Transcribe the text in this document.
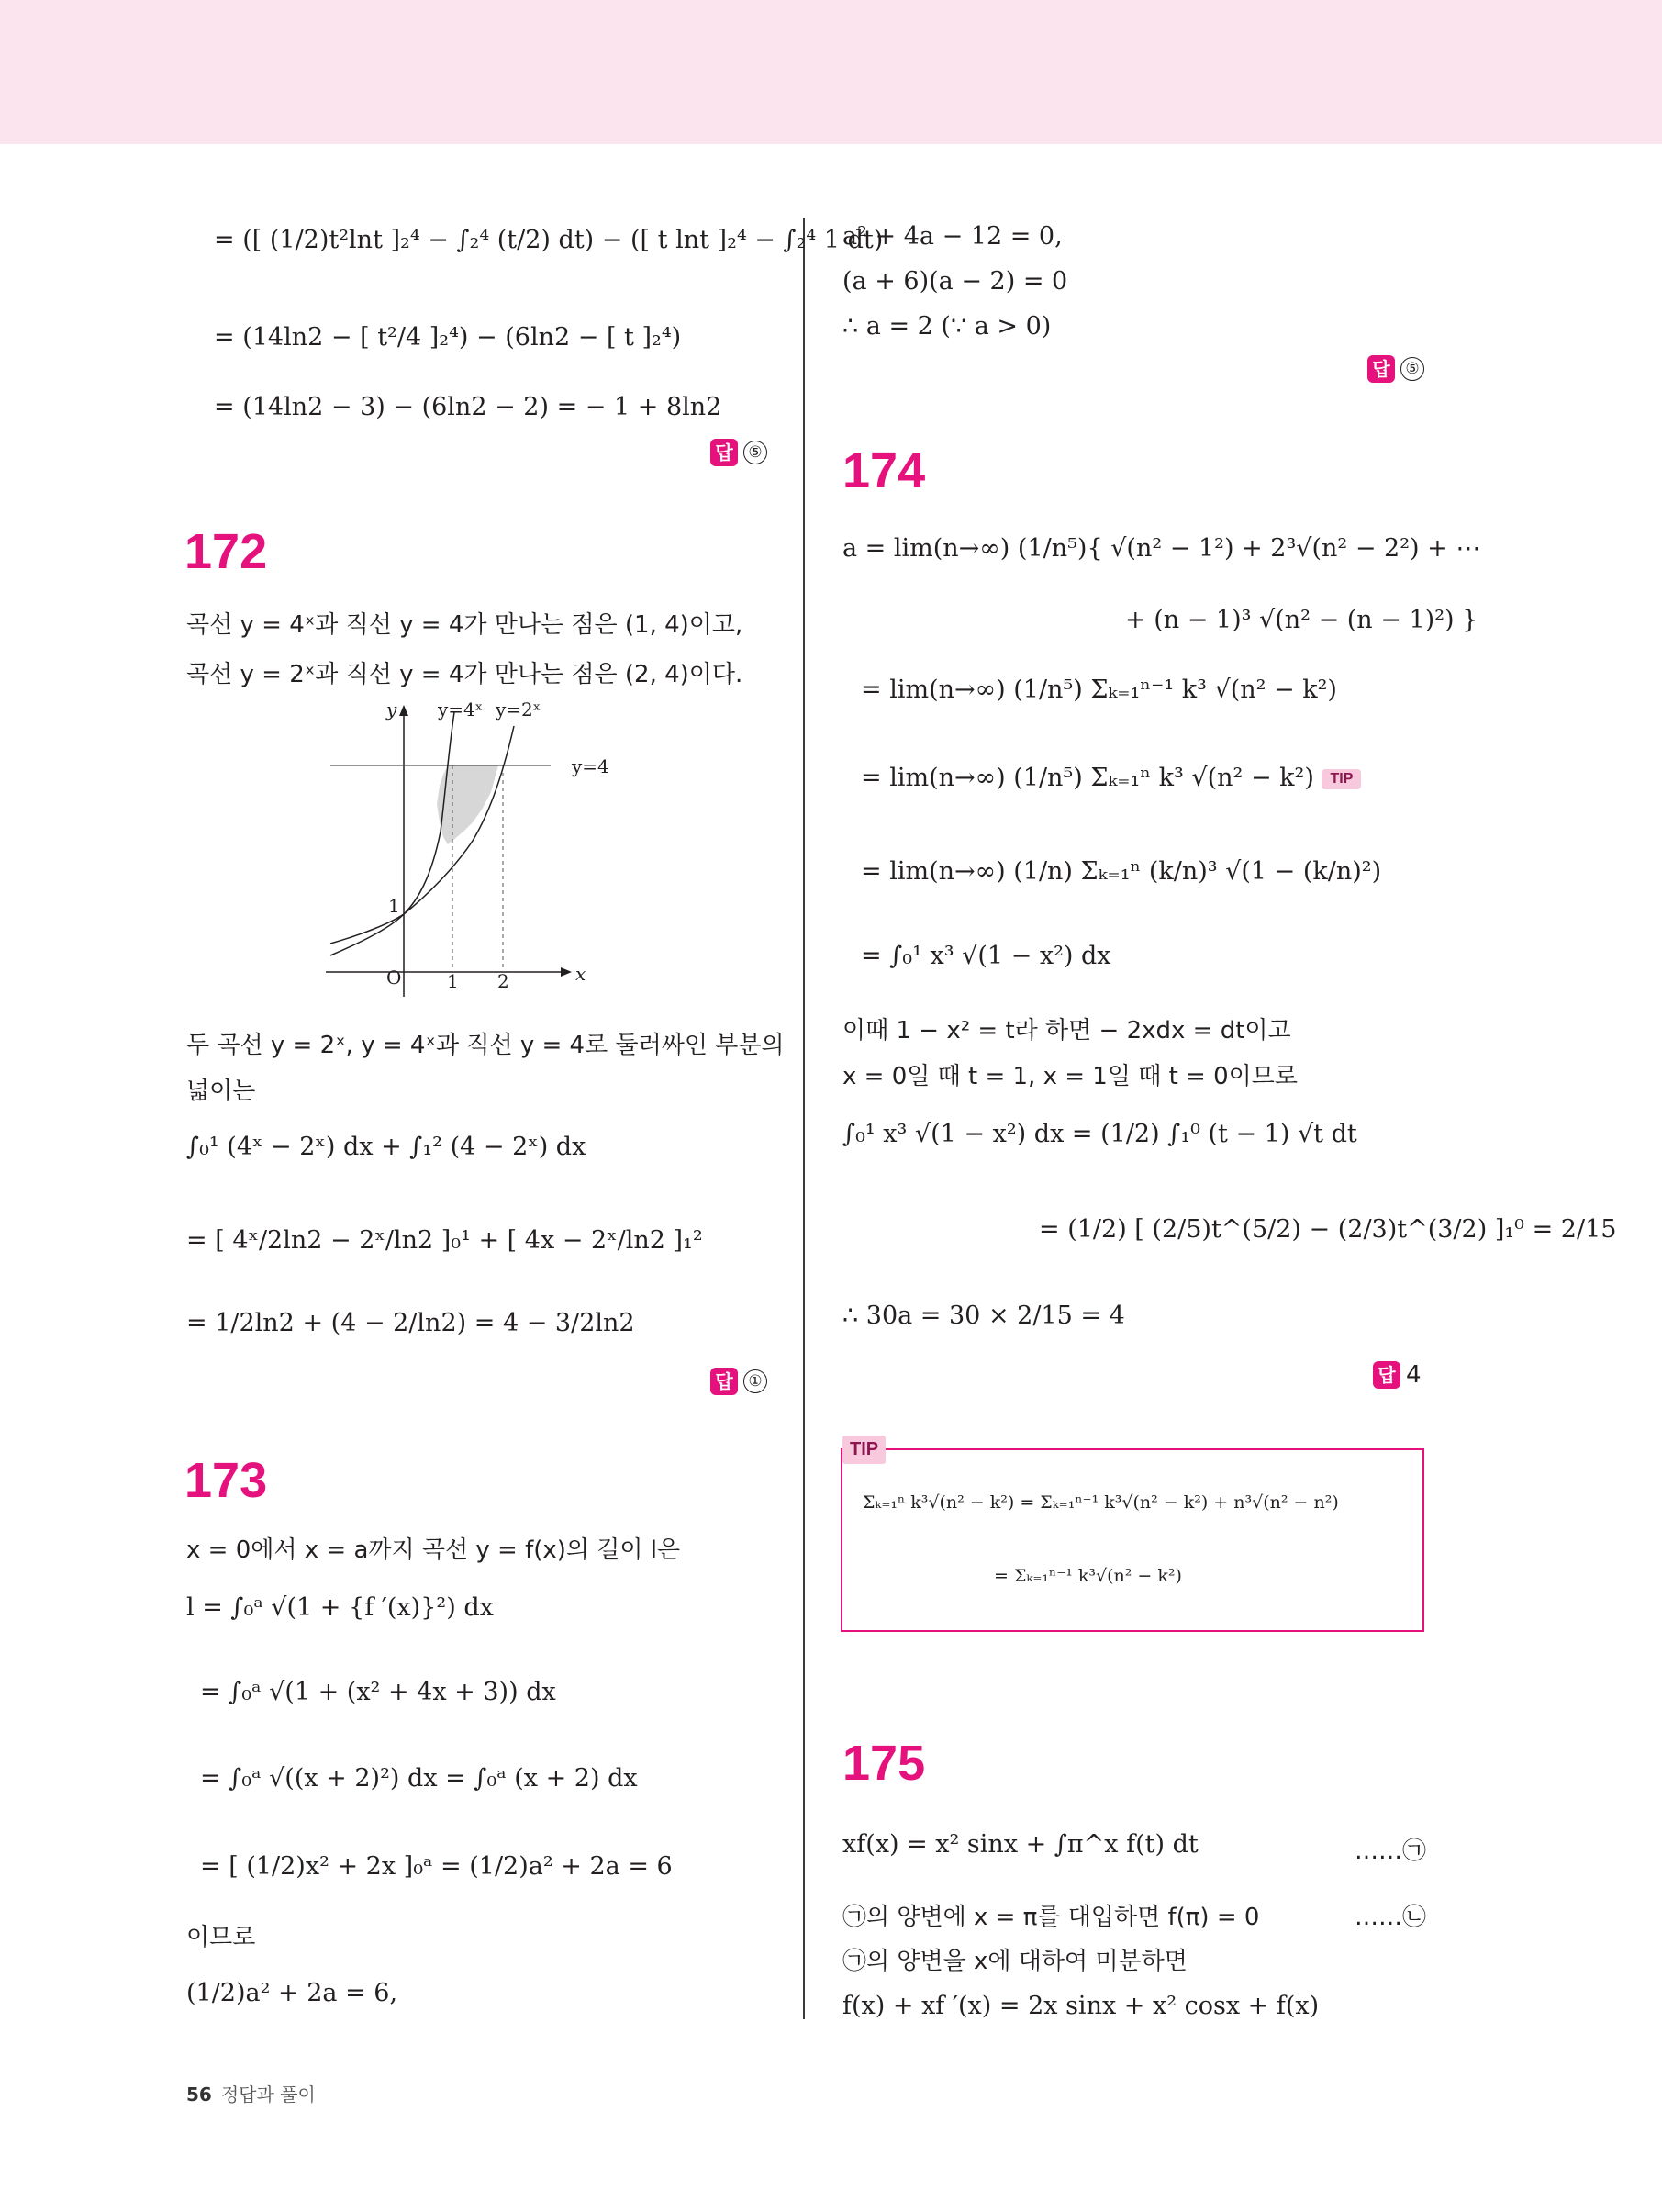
= ([ (1/2)t²lnt ]₂⁴ − ∫₂⁴ (t/2) dt) − ([ t lnt ]₂⁴ − ∫₂⁴ 1 dt)
= (14ln2 − [ t²/4 ]₂⁴) − (6ln2 − [ t ]₂⁴)
= (14ln2 − 3) − (6ln2 − 2) = − 1 + 8ln2
답 ⑤
172
곡선 y = 4ˣ과 직선 y = 4가 만나는 점은 (1, 4)이고,
곡선 y = 2ˣ과 직선 y = 4가 만나는 점은 (2, 4)이다.
y
x
y=4ˣ y=2ˣ
y=4
1
O 1 2
두 곡선 y = 2ˣ, y = 4ˣ과 직선 y = 4로 둘러싸인 부분의
넓이는
∫₀¹ (4ˣ − 2ˣ) dx + ∫₁² (4 − 2ˣ) dx
= [ 4ˣ/2ln2 − 2ˣ/ln2 ]₀¹ + [ 4x − 2ˣ/ln2 ]₁²
= 1/2ln2 + (4 − 2/ln2) = 4 − 3/2ln2
답 ①
173
x = 0에서 x = a까지 곡선 y = f(x)의 길이 l은
l = ∫₀ᵃ √(1 + {f ′(x)}²) dx
= ∫₀ᵃ √(1 + (x² + 4x + 3)) dx
= ∫₀ᵃ √((x + 2)²) dx = ∫₀ᵃ (x + 2) dx
= [ (1/2)x² + 2x ]₀ᵃ = (1/2)a² + 2a = 6
이므로
(1/2)a² + 2a = 6,
a² + 4a − 12 = 0,
(a + 6)(a − 2) = 0
∴ a = 2 (∵ a > 0)
답 ⑤
174
a = lim(n→∞) (1/n⁵){ √(n² − 1²) + 2³√(n² − 2²) + ⋯
+ (n − 1)³ √(n² − (n − 1)²) }
= lim(n→∞) (1/n⁵) Σₖ₌₁ⁿ⁻¹ k³ √(n² − k²)
= lim(n→∞) (1/n⁵) Σₖ₌₁ⁿ k³ √(n² − k²) TIP
= lim(n→∞) (1/n) Σₖ₌₁ⁿ (k/n)³ √(1 − (k/n)²)
= ∫₀¹ x³ √(1 − x²) dx
이때 1 − x² = t라 하면 − 2xdx = dt이고
x = 0일 때 t = 1, x = 1일 때 t = 0이므로
∫₀¹ x³ √(1 − x²) dx = (1/2) ∫₁⁰ (t − 1) √t dt
= (1/2) [ (2/5)t^(5/2) − (2/3)t^(3/2) ]₁⁰ = 2/15
∴ 30a = 30 × 2/15 = 4
답 4
TIP
Σₖ₌₁ⁿ k³√(n² − k²) = Σₖ₌₁ⁿ⁻¹ k³√(n² − k²) + n³√(n² − n²)
= Σₖ₌₁ⁿ⁻¹ k³√(n² − k²)
175
xf(x) = x² sinx + ∫π^x f(t) dt	……㉠
㉠의 양변에 x = π를 대입하면 f(π) = 0	……㉡
㉠의 양변을 x에 대하여 미분하면
f(x) + xf ′(x) = 2x sinx + x² cosx + f(x)
56 정답과 풀이
